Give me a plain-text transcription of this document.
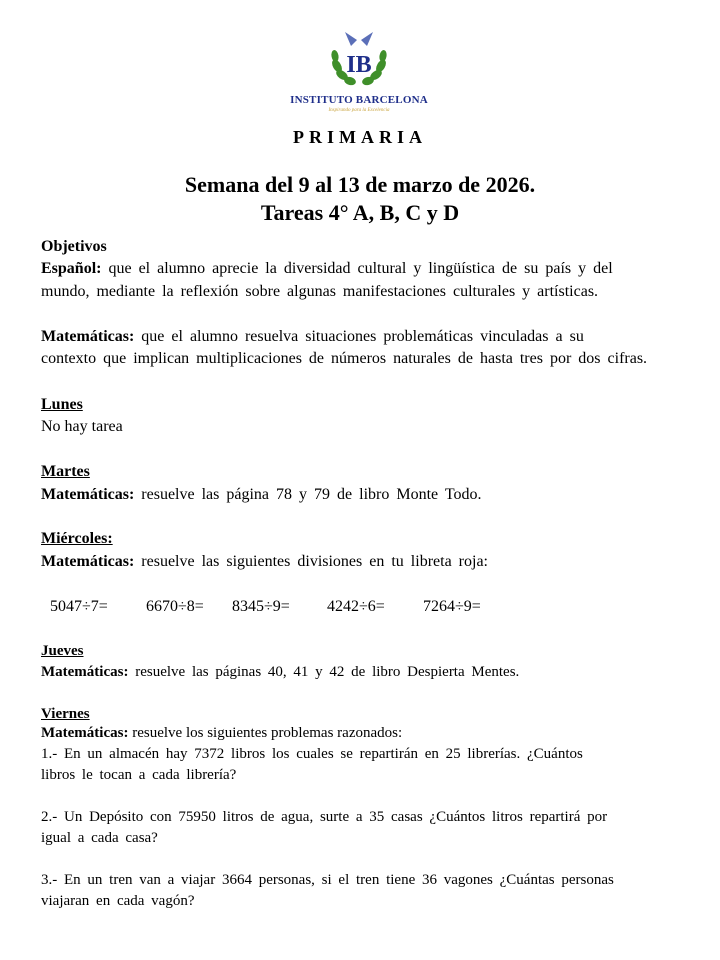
IB
INSTITUTO BARCELONA
Inspirando para la Excelencia
PRIMARIA
Semana del 9 al 13 de marzo de 2026.
Tareas 4° A, B, C y D
Objetivos
Español: que el alumno aprecie la diversidad cultural y lingüística de su país y del
mundo, mediante la reflexión sobre algunas manifestaciones culturales y artísticas.
Matemáticas: que el alumno resuelva situaciones problemáticas vinculadas a su
contexto que implican multiplicaciones de números naturales de hasta tres por dos cifras.
Lunes
No hay tarea
Martes
Matemáticas: resuelve las página 78 y 79 de libro Monte Todo.
Miércoles:
Matemáticas: resuelve las siguientes divisiones en tu libreta roja:
5047÷7= 6670÷8= 8345÷9= 4242÷6= 7264÷9=
Jueves
Matemáticas: resuelve las páginas 40, 41 y 42 de libro Despierta Mentes.
Viernes
Matemáticas: resuelve los siguientes problemas razonados:
1.- En un almacén hay 7372 libros los cuales se repartirán en 25 librerías. ¿Cuántos
libros le tocan a cada librería?
2.- Un Depósito con 75950 litros de agua, surte a 35 casas ¿Cuántos litros repartirá por
igual a cada casa?
3.- En un tren van a viajar 3664 personas, si el tren tiene 36 vagones ¿Cuántas personas
viajaran en cada vagón?
